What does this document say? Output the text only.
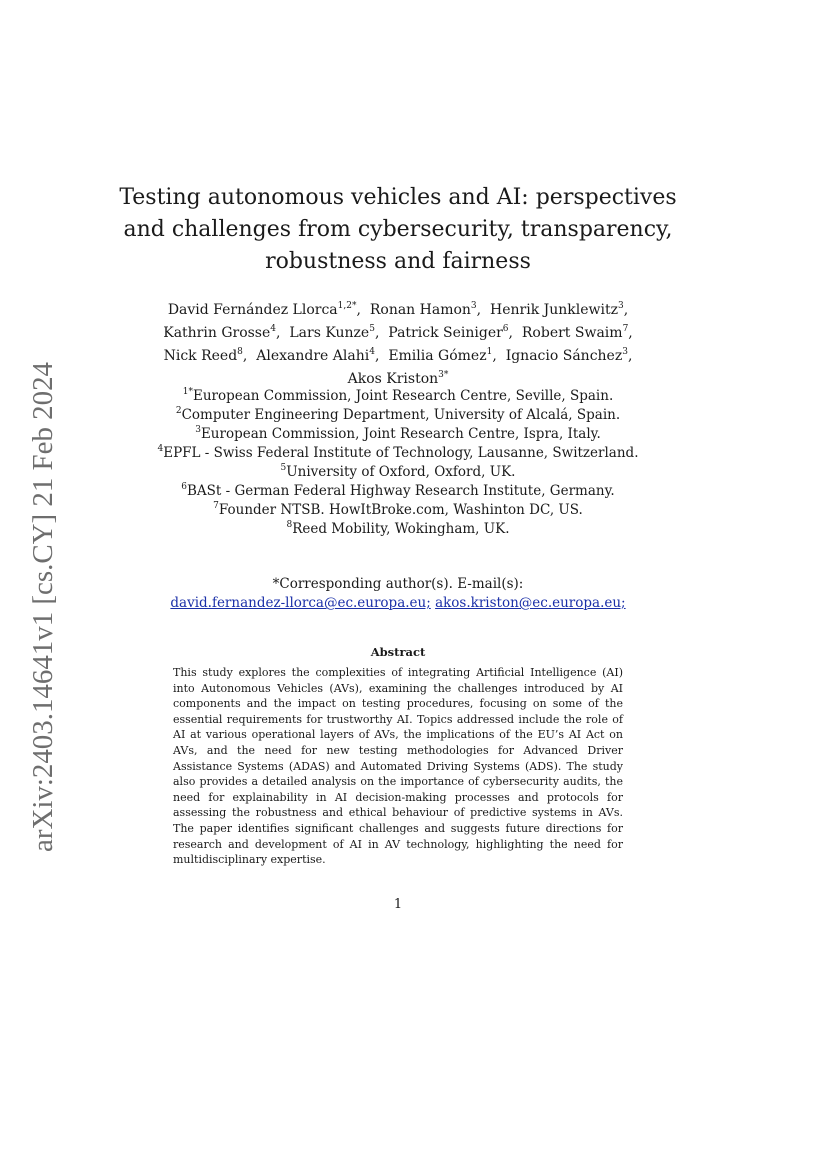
arXiv:2403.14641v1 [cs.CY] 21 Feb 2024
Testing autonomous vehicles and AI: perspectives
and challenges from cybersecurity, transparency,
robustness and fairness
David Fernández Llorca$^{1,2*}$, Ronan Hamon$^3$, Henrik Junklewitz$^3$,
Kathrin Grosse$^4$, Lars Kunze$^5$, Patrick Seiniger$^6$, Robert Swaim$^7$,
Nick Reed$^8$, Alexandre Alahi$^4$, Emilia Gómez$^1$, Ignacio Sánchez$^3$,
Akos Kriston$^{3*}$
$^{1*}$European Commission, Joint Research Centre, Seville, Spain.
$^2$Computer Engineering Department, University of Alcalá, Spain.
$^3$European Commission, Joint Research Centre, Ispra, Italy.
$^4$EPFL - Swiss Federal Institute of Technology, Lausanne, Switzerland.
$^5$University of Oxford, Oxford, UK.
$^6$BASt - German Federal Highway Research Institute, Germany.
$^7$Founder NTSB. HowItBroke.com, Washinton DC, US.
$^8$Reed Mobility, Wokingham, UK.
*Corresponding author(s). E-mail(s):
david.fernandez-llorca@ec.europa.eu; akos.kriston@ec.europa.eu;
Abstract
This study explores the complexities of integrating Artificial Intelligence (AI) into Autonomous Vehicles (AVs), examining the challenges introduced by AI components and the impact on testing procedures, focusing on some of the essential requirements for trustworthy AI. Topics addressed include the role of AI at various operational layers of AVs, the implications of the EU’s AI Act on AVs, and the need for new testing methodologies for Advanced Driver Assistance Systems (ADAS) and Automated Driving Systems (ADS). The study also provides a detailed analysis on the importance of cybersecurity audits, the need for explainability in AI decision-making processes and protocols for assessing the robustness and ethical behaviour of predictive systems in AVs. The paper identifies significant challenges and suggests future directions for research and development of AI in AV technology, highlighting the need for multidisciplinary expertise.
1
